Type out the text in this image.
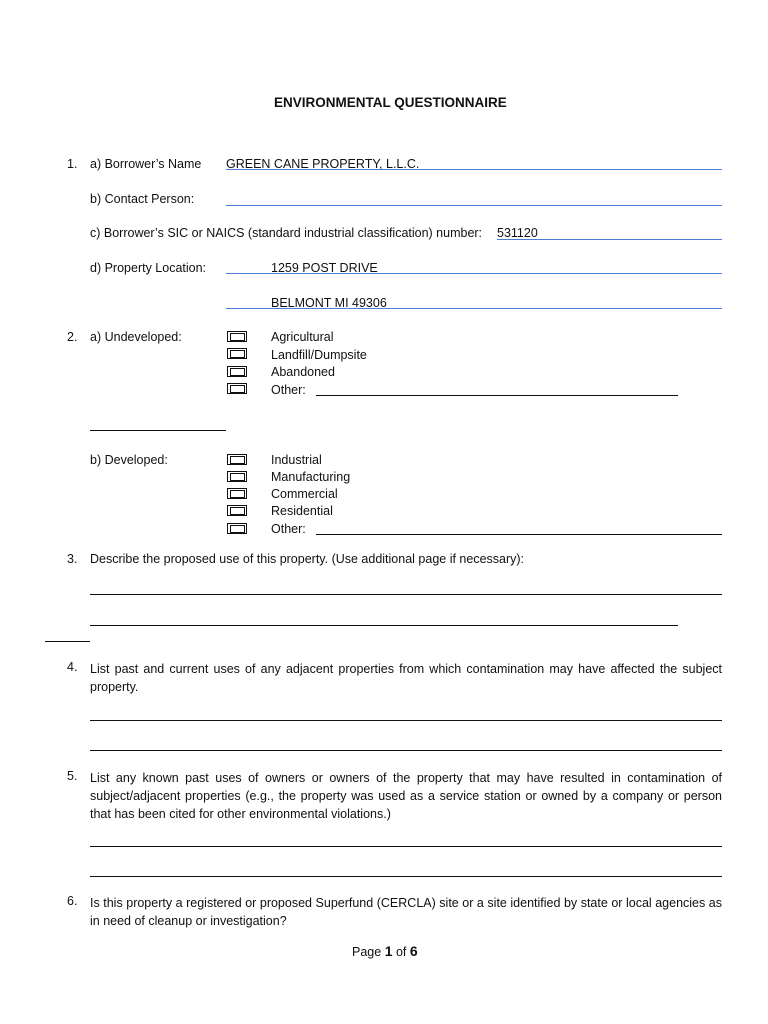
ENVIRONMENTAL QUESTIONNAIRE
1. a) Borrower’s Name GREEN CANE PROPERTY, L.L.C.
b) Contact Person:
c) Borrower’s SIC or NAICS (standard industrial classification) number: 531120
d) Property Location:	1259 POST DRIVE
BELMONT MI 49306
2. a) Undeveloped:	Agricultural
Landfill/Dumpsite
Abandoned
Other:
b) Developed:	Industrial
Manufacturing
Commercial
Residential
Other:
3. Describe the proposed use of this property. (Use additional page if necessary):
4. List past and current uses of any adjacent properties from which contamination may have affected the subject property.
5. List any known past uses of owners or owners of the property that may have resulted in contamination of subject/adjacent properties (e.g., the property was used as a service station or owned by a company or person that has been cited for other environmental violations.)
6. Is this property a registered or proposed Superfund (CERCLA) site or a site identified by state or local agencies as in need of cleanup or investigation?
Page 1 of 6
